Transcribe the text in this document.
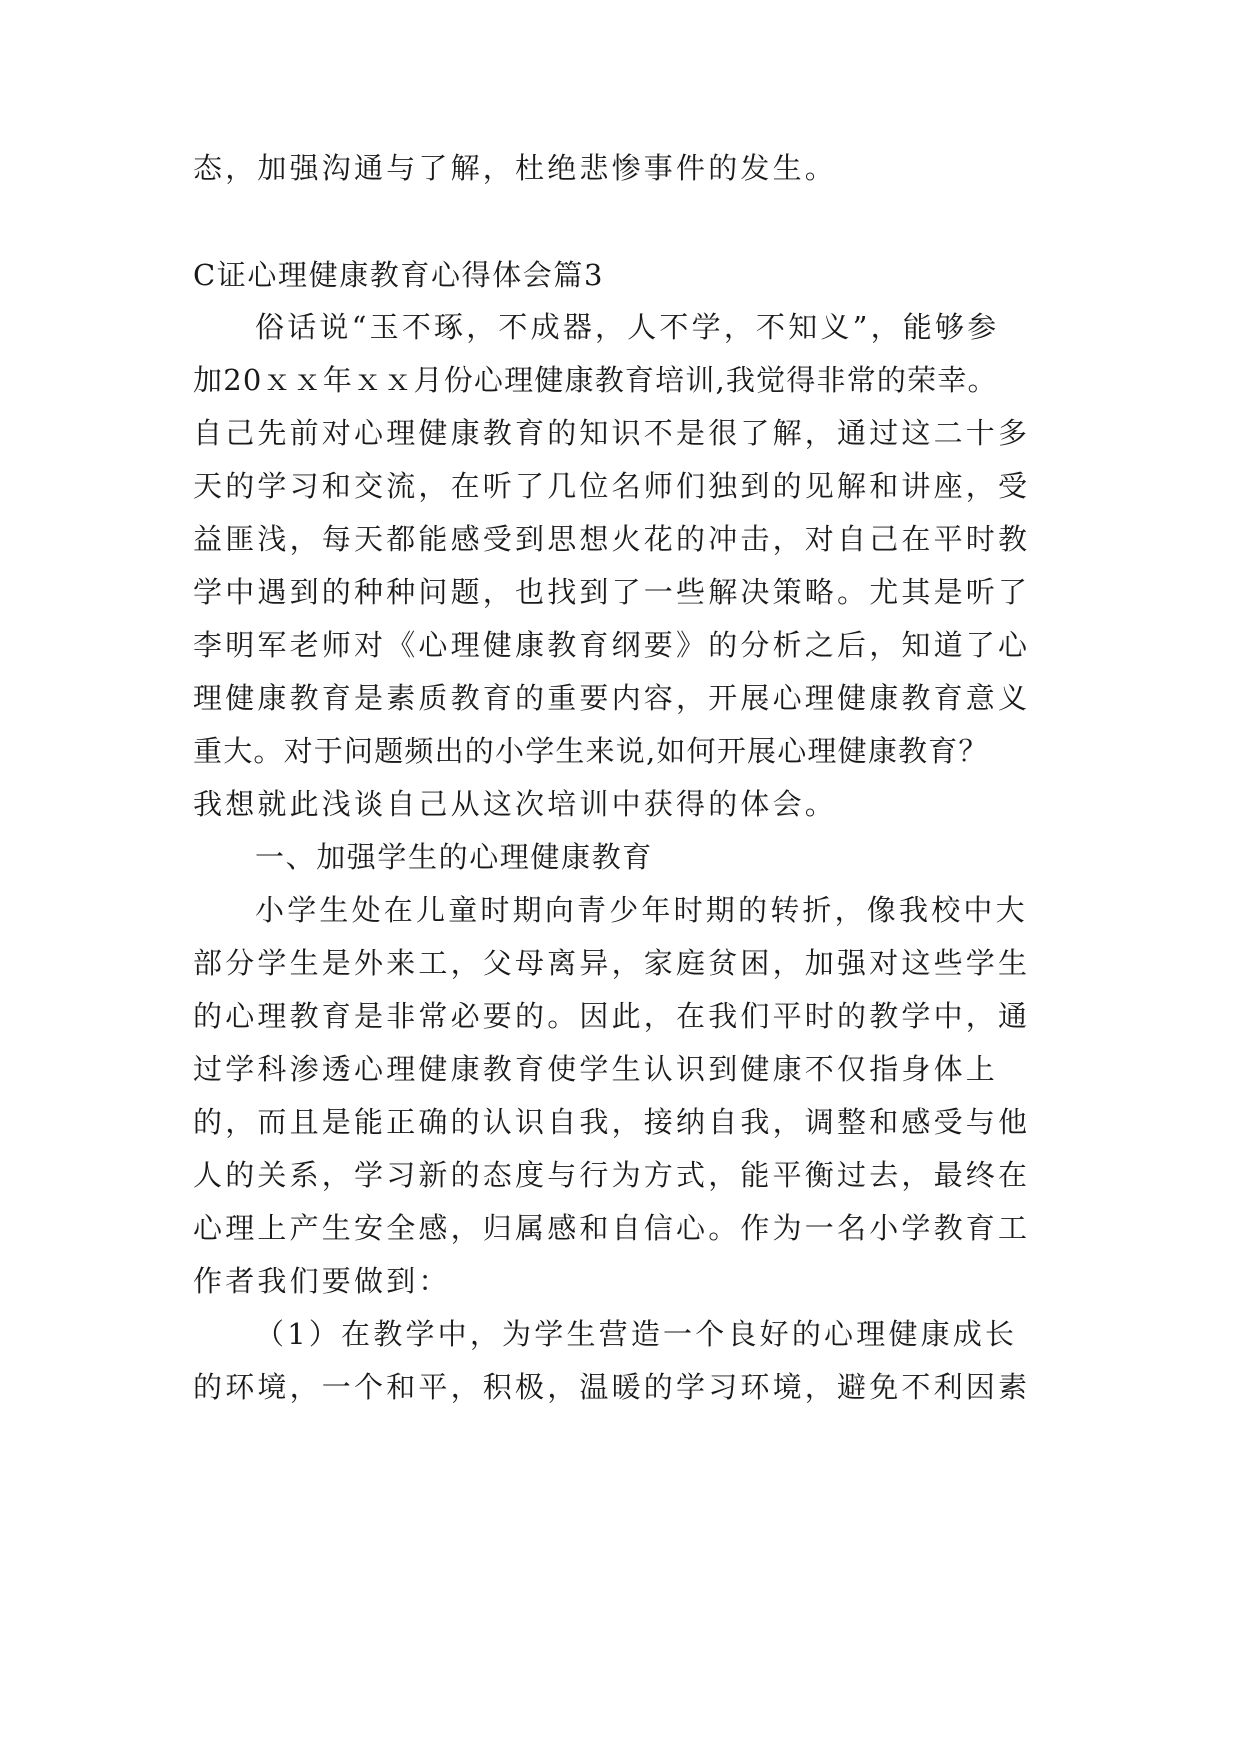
态，加强沟通与了解，杜绝悲惨事件的发生。
C证心理健康教育心得体会篇3
俗话说“玉不琢，不成器，人不学，不知义”，能够参
加20ｘｘ年ｘｘ月份心理健康教育培训,我觉得非常的荣幸。
自己先前对心理健康教育的知识不是很了解，通过这二十多
天的学习和交流，在听了几位名师们独到的见解和讲座，受
益匪浅，每天都能感受到思想火花的冲击，对自己在平时教
学中遇到的种种问题，也找到了一些解决策略。尤其是听了
李明军老师对《心理健康教育纲要》的分析之后，知道了心
理健康教育是素质教育的重要内容，开展心理健康教育意义
重大。对于问题频出的小学生来说,如何开展心理健康教育？
我想就此浅谈自己从这次培训中获得的体会。
一、加强学生的心理健康教育
小学生处在儿童时期向青少年时期的转折，像我校中大
部分学生是外来工，父母离异，家庭贫困，加强对这些学生
的心理教育是非常必要的。因此，在我们平时的教学中，通
过学科渗透心理健康教育使学生认识到健康不仅指身体上
的，而且是能正确的认识自我，接纳自我，调整和感受与他
人的关系，学习新的态度与行为方式，能平衡过去，最终在
心理上产生安全感，归属感和自信心。作为一名小学教育工
作者我们要做到：
（1）在教学中，为学生营造一个良好的心理健康成长
的环境，一个和平，积极，温暖的学习环境，避免不利因素
